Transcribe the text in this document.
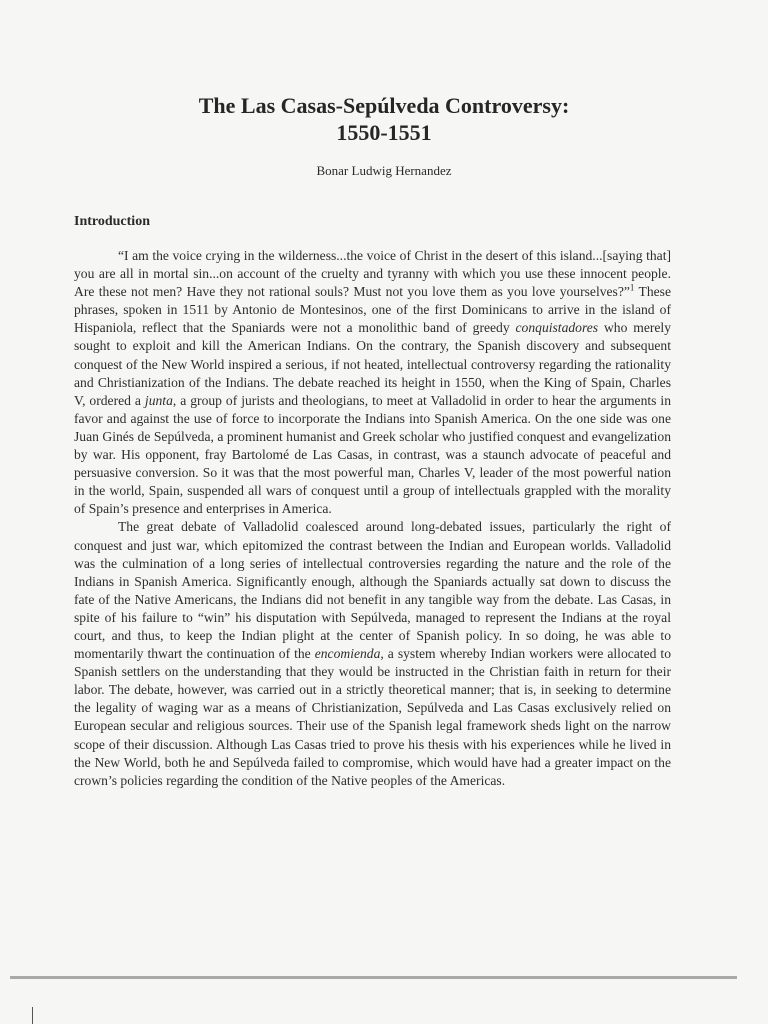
The Las Casas-Sepúlveda Controversy:
1550-1551
Bonar Ludwig Hernandez
Introduction

“I am the voice crying in the wilderness...the voice of Christ in the desert of this island...[saying that] you are all in mortal sin...on account of the cruelty and tyranny with which you use these innocent people. Are these not men? Have they not rational souls? Must not you love them as you love yourselves?”$^1$ These phrases, spoken in 1511 by Antonio de Montesinos, one of the first Dominicans to arrive in the island of Hispaniola, reflect that the Spaniards were not a monolithic band of greedy conquistadores who merely sought to exploit and kill the American Indians. On the contrary, the Spanish discovery and subsequent conquest of the New World inspired a serious, if not heated, intellectual controversy regarding the rationality and Christianization of the Indians. The debate reached its height in 1550, when the King of Spain, Charles V, ordered a junta, a group of jurists and theologians, to meet at Valladolid in order to hear the arguments in favor and against the use of force to incorporate the Indians into Spanish America. On the one side was one Juan Ginés de Sepúlveda, a prominent humanist and Greek scholar who justified conquest and evangelization by war. His opponent, fray Bartolomé de Las Casas, in contrast, was a staunch advocate of peaceful and persuasive conversion. So it was that the most powerful man, Charles V, leader of the most powerful nation in the world, Spain, suspended all wars of conquest until a group of intellectuals grappled with the morality of Spain’s presence and enterprises in America.

The great debate of Valladolid coalesced around long-debated issues, particularly the right of conquest and just war, which epitomized the contrast between the Indian and European worlds. Valladolid was the culmination of a long series of intellectual controversies regarding the nature and the role of the Indians in Spanish America. Significantly enough, although the Spaniards actually sat down to discuss the fate of the Native Americans, the Indians did not benefit in any tangible way from the debate. Las Casas, in spite of his failure to “win” his disputation with Sepúlveda, managed to represent the Indians at the royal court, and thus, to keep the Indian plight at the center of Spanish policy. In so doing, he was able to momentarily thwart the continuation of the encomienda, a system whereby Indian workers were allocated to Spanish settlers on the understanding that they would be instructed in the Christian faith in return for their labor. The debate, however, was carried out in a strictly theoretical manner; that is, in seeking to determine the legality of waging war as a means of Christianization, Sepúlveda and Las Casas exclusively relied on European secular and religious sources. Their use of the Spanish legal framework sheds light on the narrow scope of their discussion. Although Las Casas tried to prove his thesis with his experiences while he lived in the New World, both he and Sepúlveda failed to compromise, which would have had a greater impact on the crown’s policies regarding the condition of the Native peoples of the Americas.
